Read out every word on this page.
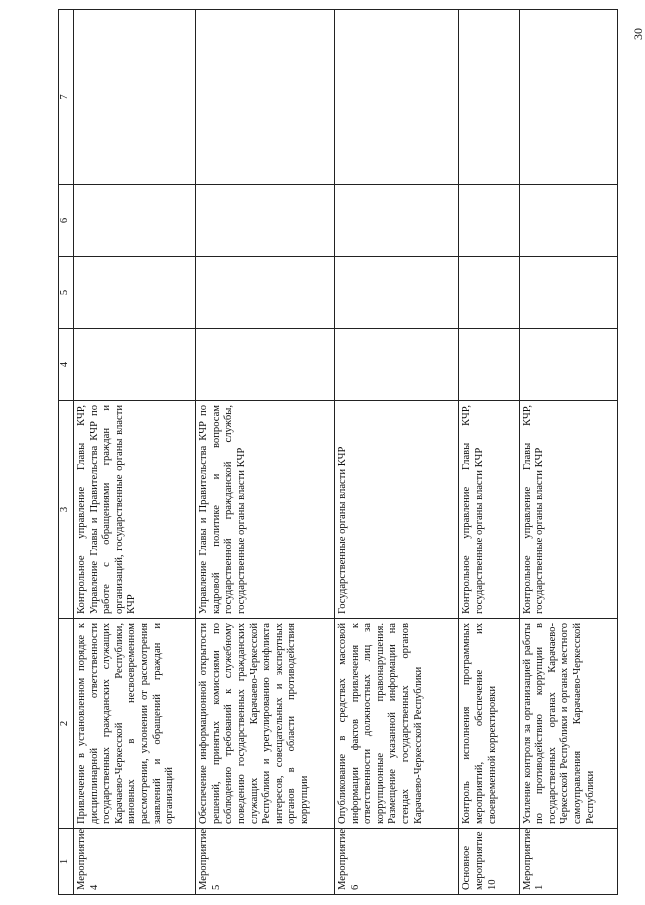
30
1	2	3	4	5	6	7
Мероприятие 4	Привлечение в установленном порядке к дисциплинарной ответственности государственных гражданских служащих Карачаево-Черкесской Республики, виновных в несвоевременном рассмотрении, уклонении от рассмотрения заявлений и обращений граждан и организаций	Контрольное управление Главы КЧР, Управление Главы и Правительства КЧР по работе с обращениями граждан и организаций, государственные органы власти КЧР				
Мероприятие 5	Обеспечение информационной открытости решений, принятых комиссиями по соблюдению требований к служебному поведению государственных гражданских служащих Карачаево-Черкесской Республики и урегулированию конфликта интересов, совещательных и экспертных органов в области противодействия коррупции	Управление Главы и Правительства КЧР по кадровой политике и вопросам государственной гражданской службы, государственные органы власти КЧР				
Мероприятие 6	Опубликование в средствах массовой информации фактов привлечения к ответственности должностных лиц за коррупционные правонарушения. Размещение указанной информации на стендах государственных органов Карачаево-Черкесской Республики	Государственные органы власти КЧР				
Основное мероприятие 10	Контроль исполнения программных мероприятий, обеспечение их своевременной корректировки	Контрольное управление Главы КЧР, государственные органы власти КЧР				
Мероприятие 1	Усиление контроля за организацией работы по противодействию коррупции в государственных органах Карачаево-Черкесской Республики и органах местного самоуправления Карачаево-Черкесской Республики	Контрольное управление Главы КЧР, государственные органы власти КЧР				
